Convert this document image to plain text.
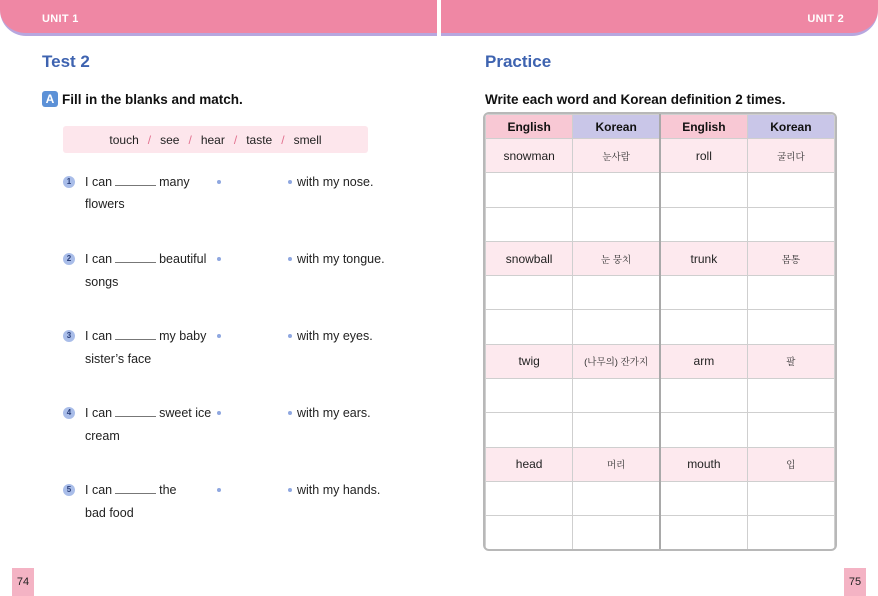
UNIT 1	UNIT 2
Test 2
A Fill in the blanks and match.
touch / see / hear / taste / smell
1	I can	many
flowers
with my nose.
2	I can	beautiful
songs
with my tongue.
3	I can	my baby
sister’s face
with my eyes.
4	I can	sweet ice
cream
with my ears.
5	I can	the
bad food
with my hands.
74
Practice
Write each word and Korean definition 2 times.
English	Korean	English	Korean
snowman	눈사람	roll	굴리다

snowball	눈 뭉치	trunk	몸통

twig	(나무의) 잔가지	arm	팔

head	머리	mouth	입

75
